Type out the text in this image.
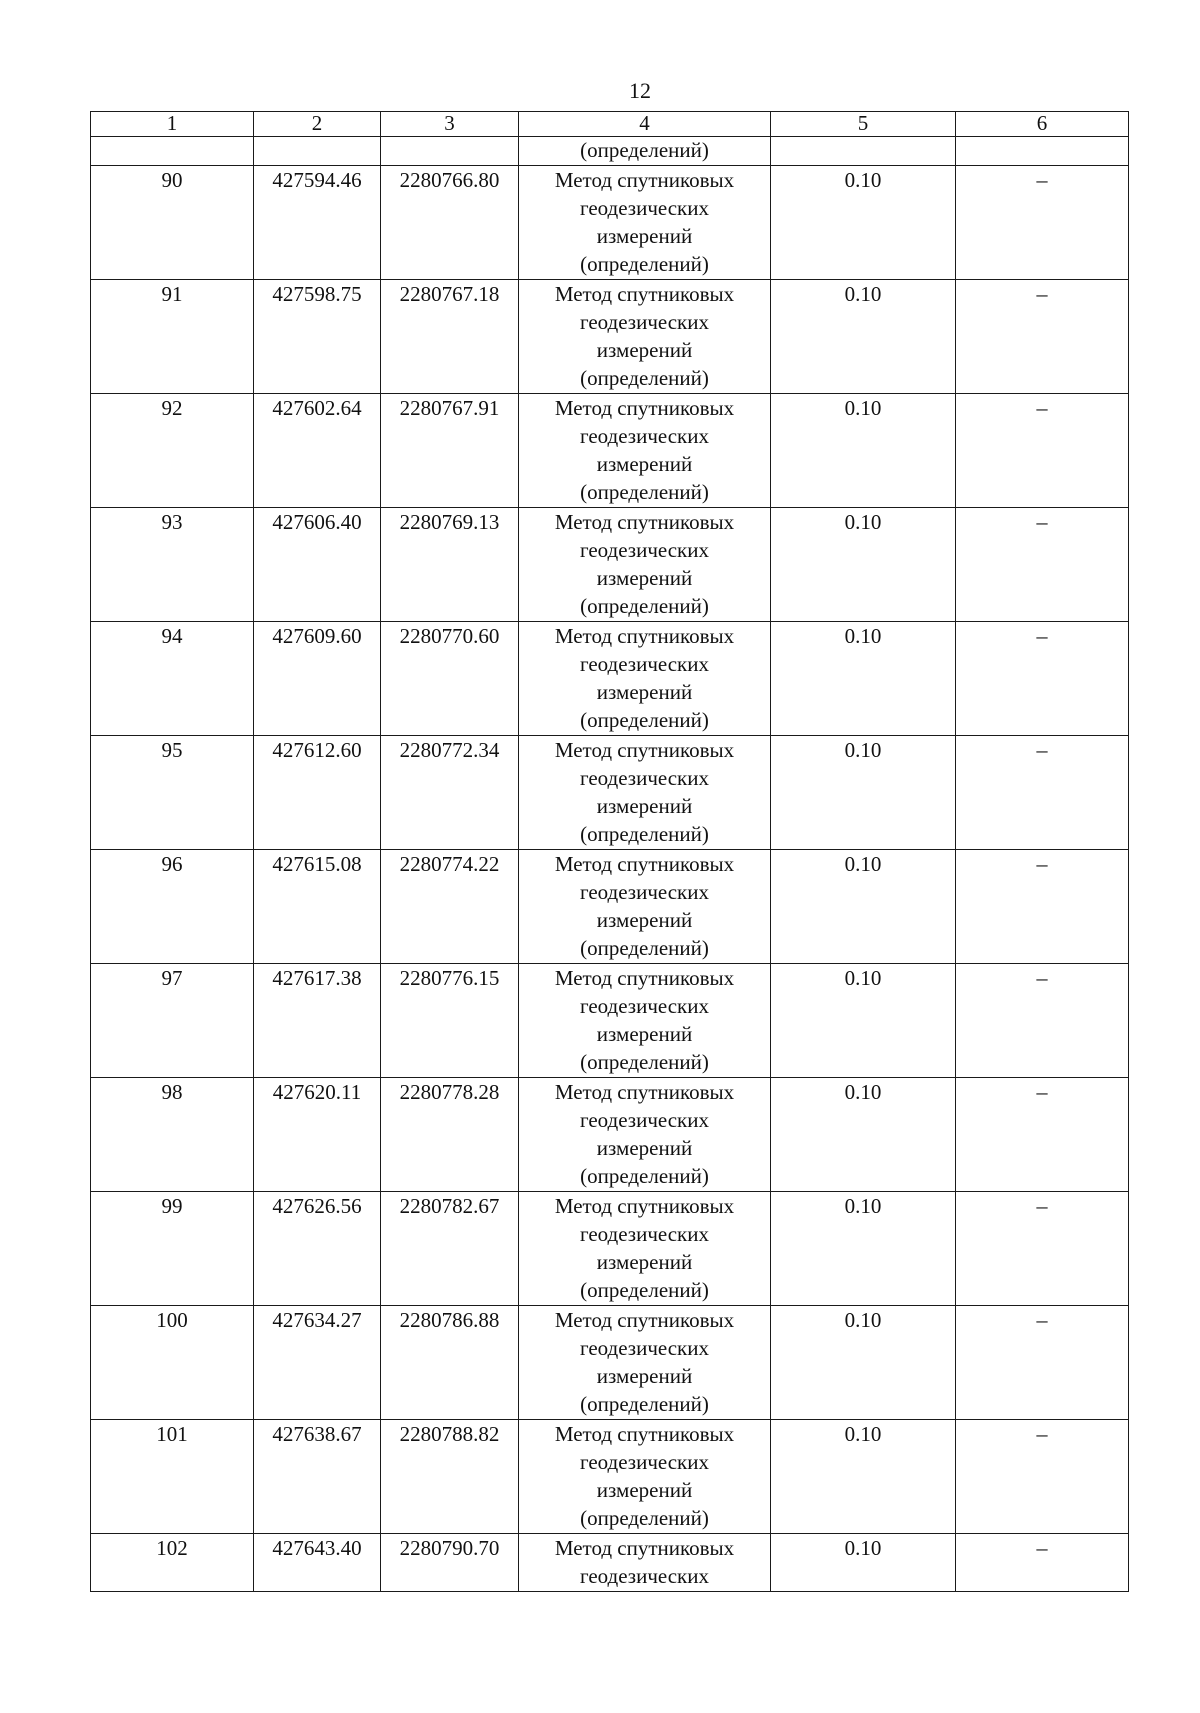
12
1	2	3	4	5	6
			(определений)		
90	427594.46	2280766.80	Метод спутниковых
геодезических
измерений
(определений)	0.10	–
91	427598.75	2280767.18	Метод спутниковых
геодезических
измерений
(определений)	0.10	–
92	427602.64	2280767.91	Метод спутниковых
геодезических
измерений
(определений)	0.10	–
93	427606.40	2280769.13	Метод спутниковых
геодезических
измерений
(определений)	0.10	–
94	427609.60	2280770.60	Метод спутниковых
геодезических
измерений
(определений)	0.10	–
95	427612.60	2280772.34	Метод спутниковых
геодезических
измерений
(определений)	0.10	–
96	427615.08	2280774.22	Метод спутниковых
геодезических
измерений
(определений)	0.10	–
97	427617.38	2280776.15	Метод спутниковых
геодезических
измерений
(определений)	0.10	–
98	427620.11	2280778.28	Метод спутниковых
геодезических
измерений
(определений)	0.10	–
99	427626.56	2280782.67	Метод спутниковых
геодезических
измерений
(определений)	0.10	–
100	427634.27	2280786.88	Метод спутниковых
геодезических
измерений
(определений)	0.10	–
101	427638.67	2280788.82	Метод спутниковых
геодезических
измерений
(определений)	0.10	–
102	427643.40	2280790.70	Метод спутниковых
геодезических	0.10	–
